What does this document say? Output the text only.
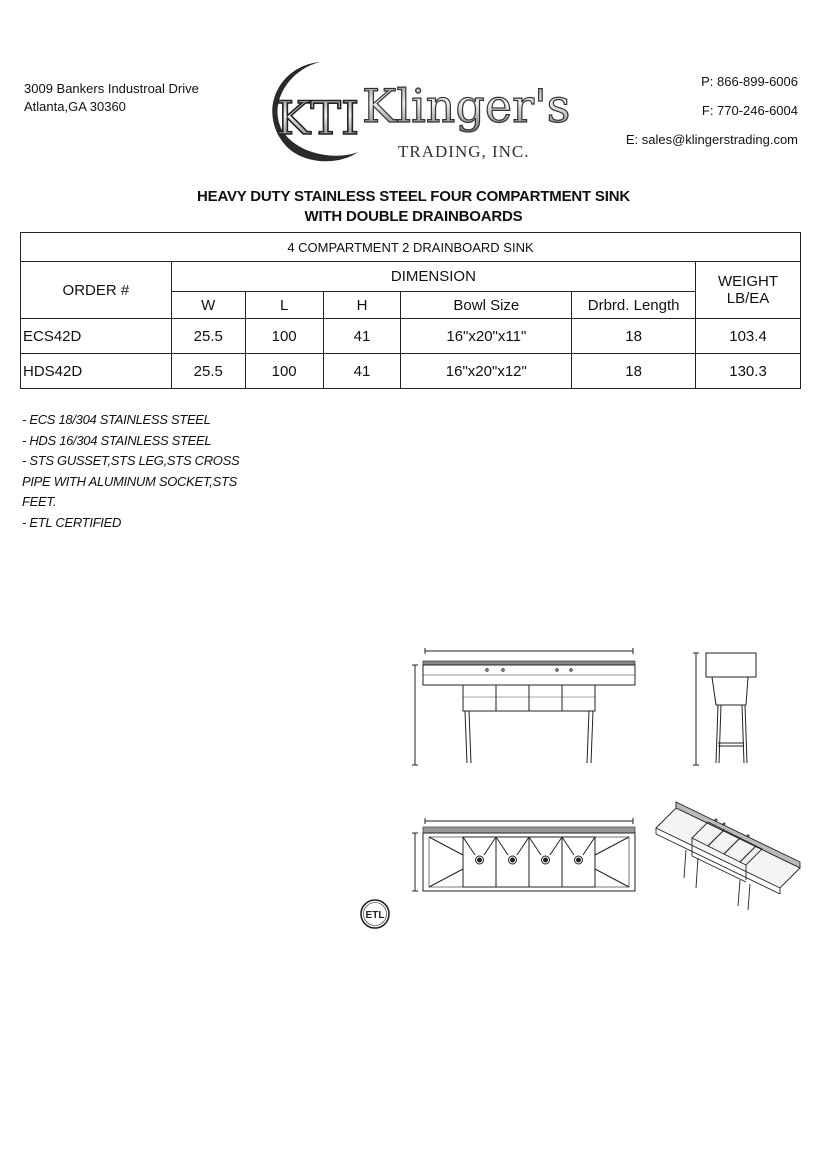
3009 Bankers Industroal Drive
Atlanta,GA 30360	KTI Klinger's
TRADING, INC.
P: 866-899-6006
F: 770-246-6004
E: sales@klingerstrading.com
HEAVY DUTY STAINLESS STEEL FOUR COMPARTMENT SINK
WITH DOUBLE DRAINBOARDS
4 COMPARTMENT 2 DRAINBOARD SINK						
ORDER #	DIMENSION					WEIGHT
LB/EA

	W	L	H	Bowl Size	Drbrd. Length	
ECS42D	25.5	100	41	16"x20"x11"	18	103.4
HDS42D	25.5	100	41	16"x20"x12"	18	130.3
- ECS 18/304 STAINLESS STEEL
- HDS 16/304 STAINLESS STEEL
- STS GUSSET,STS LEG,STS CROSS
PIPE WITH ALUMINUM SOCKET,STS
FEET.
- ETL CERTIFIED
ETL
